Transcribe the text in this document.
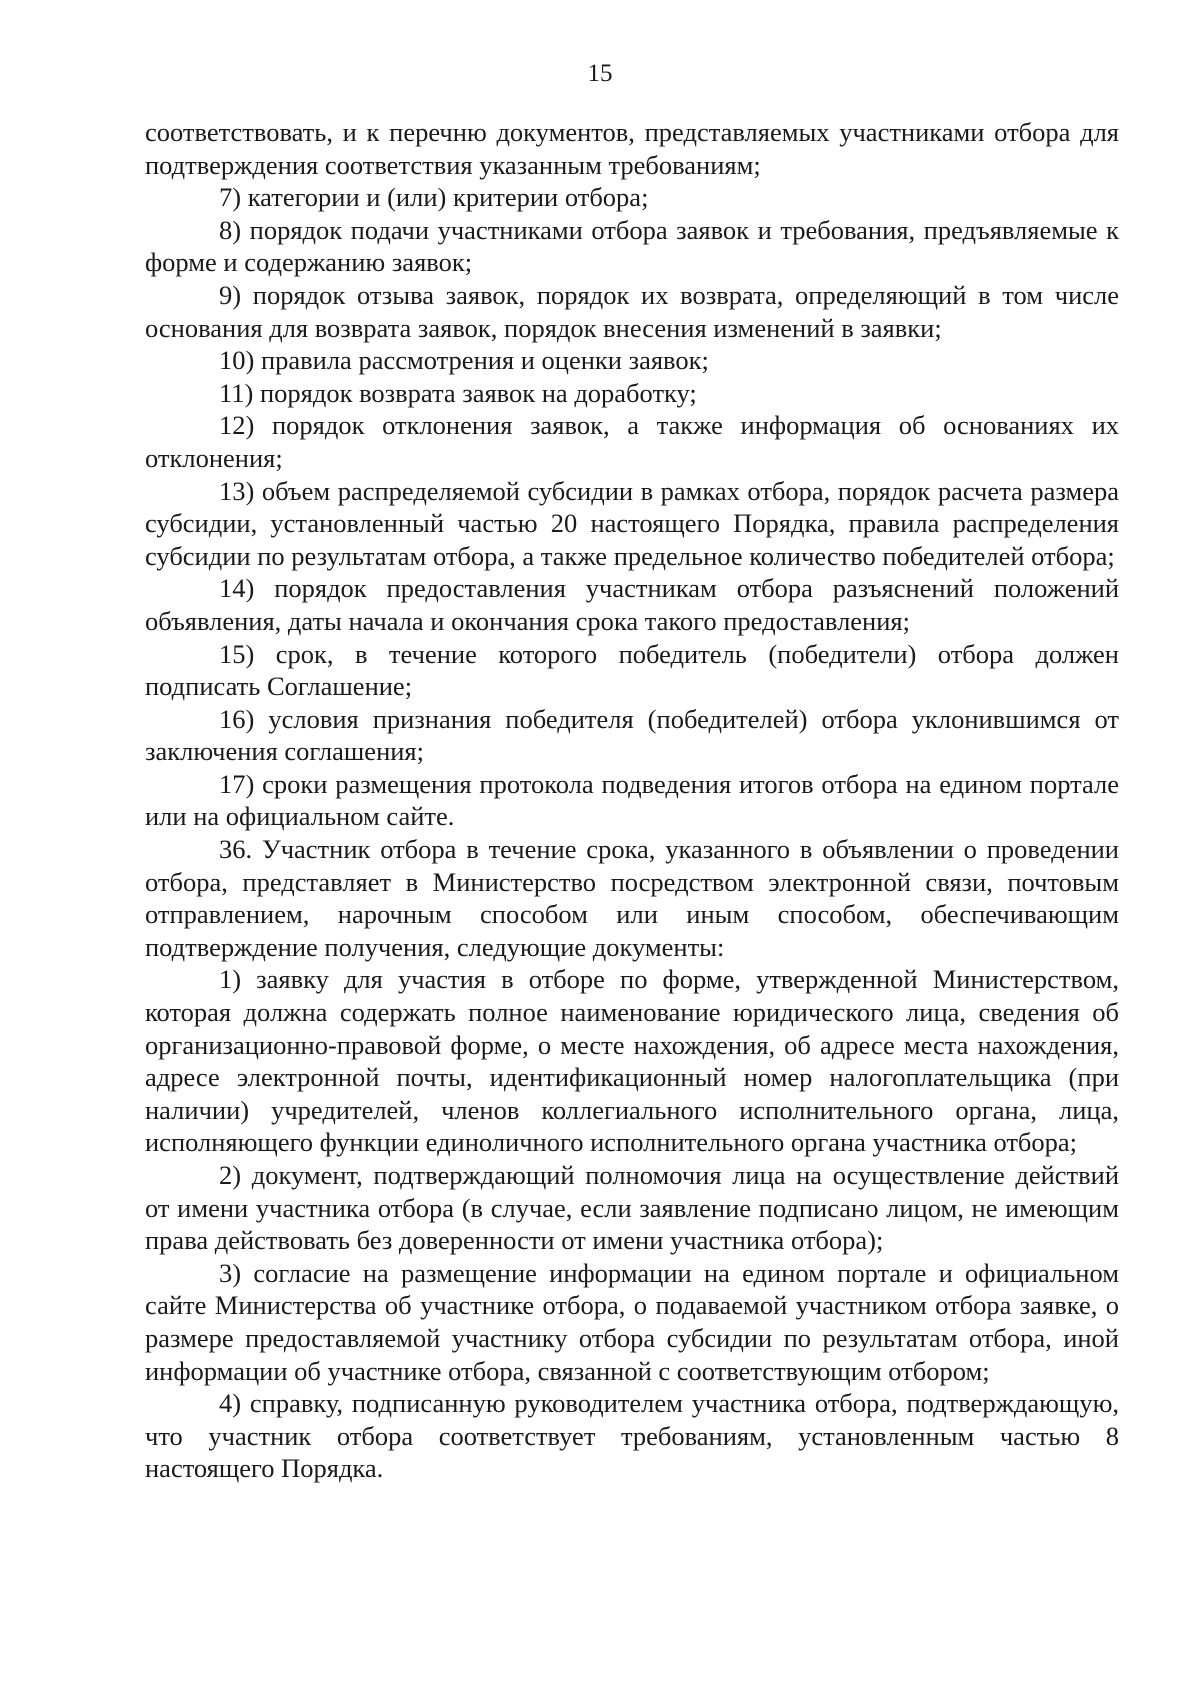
15

соответствовать, и к перечню документов, представляемых участниками отбора для подтверждения соответствия указанным требованиям;

7) категории и (или) критерии отбора;

8) порядок подачи участниками отбора заявок и требования, предъявляемые к форме и содержанию заявок;

9) порядок отзыва заявок, порядок их возврата, определяющий в том числе основания для возврата заявок, порядок внесения изменений в заявки;

10) правила рассмотрения и оценки заявок;

11) порядок возврата заявок на доработку;

12) порядок отклонения заявок, а также информация об основаниях их отклонения;

13) объем распределяемой субсидии в рамках отбора, порядок расчета размера субсидии, установленный частью 20 настоящего Порядка, правила распределения субсидии по результатам отбора, а также предельное количество победителей отбора;

14) порядок предоставления участникам отбора разъяснений положений объявления, даты начала и окончания срока такого предоставления;

15) срок, в течение которого победитель (победители) отбора должен подписать Соглашение;

16) условия признания победителя (победителей) отбора уклонившимся от заключения соглашения;

17) сроки размещения протокола подведения итогов отбора на едином портале или на официальном сайте.

36. Участник отбора в течение срока, указанного в объявлении о проведении отбора, представляет в Министерство посредством электронной связи, почтовым отправлением, нарочным способом или иным способом, обеспечивающим подтверждение получения, следующие документы:

1) заявку для участия в отборе по форме, утвержденной Министерством, которая должна содержать полное наименование юридического лица, сведения об организационно-правовой форме, о месте нахождения, об адресе места нахождения, адресе электронной почты, идентификационный номер налогоплательщика (при наличии) учредителей, членов коллегиального исполнительного органа, лица, исполняющего функции единоличного исполнительного органа участника отбора;

2) документ, подтверждающий полномочия лица на осуществление действий от имени участника отбора (в случае, если заявление подписано лицом, не имеющим права действовать без доверенности от имени участника отбора);

3) согласие на размещение информации на едином портале и официальном сайте Министерства об участнике отбора, о подаваемой участником отбора заявке, о размере предоставляемой участнику отбора субсидии по результатам отбора, иной информации об участнике отбора, связанной с соответствующим отбором;

4) справку, подписанную руководителем участника отбора, подтверждающую, что участник отбора соответствует требованиям, установленным частью 8 настоящего Порядка.
